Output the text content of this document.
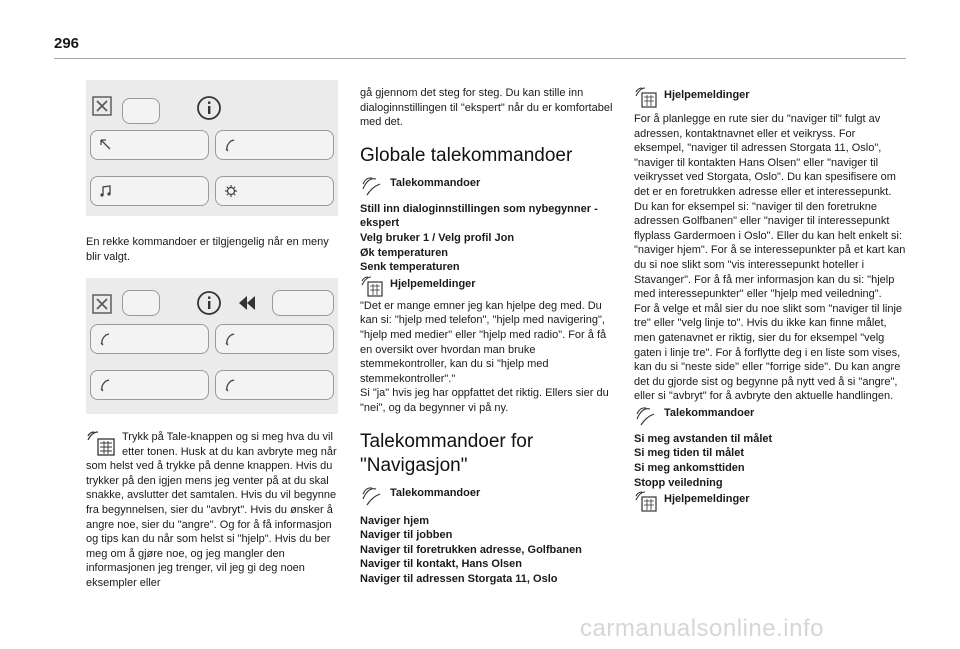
296
En rekke kommandoer er tilgjengelig når en meny blir valgt.
Trykk på Tale-knappen og si meg hva du vil etter tonen. Husk at du kan avbryte meg når som helst ved å trykke på denne knappen. Hvis du trykker på den igjen mens jeg venter på at du skal snakke, avslutter det samtalen. Hvis du vil begynne fra begynnelsen, sier du "avbryt". Hvis du ønsker å angre noe, sier du "angre". Og for å få informasjon og tips kan du når som helst si "hjelp". Hvis du ber meg om å gjøre noe, og jeg mangler den informasjonen jeg trenger, vil jeg gi deg noen eksempler eller

gå gjennom det steg for steg. Du kan stille inn dialoginnstillingen til "ekspert" når du er komfortabel med det.

Globale talekommandoer
Talekommandoer

Still inn dialoginnstillingen som nybegynner - ekspert

Velg bruker 1 / Velg profil Jon

Øk temperaturen

Senk temperaturen

Hjelpemeldinger

"Det er mange emner jeg kan hjelpe deg med. Du kan si: "hjelp med telefon", "hjelp med navigering", "hjelp med medier" eller "hjelp med radio". For å få en oversikt over hvordan man bruke stemmekontroller, kan du si "hjelp med stemmekontroller"."

Si "ja" hvis jeg har oppfattet det riktig. Ellers sier du "nei", og da begynner vi på ny.

Talekommandoer for "Navigasjon"
Talekommandoer

Naviger hjem

Naviger til jobben

Naviger til foretrukken adresse, Golfbanen

Naviger til kontakt, Hans Olsen

Naviger til adressen Storgata 11, Oslo

Hjelpemeldinger

For å planlegge en rute sier du "naviger til" fulgt av adressen, kontaktnavnet eller et veikryss. For eksempel, "naviger til adressen Storgata 11, Oslo", "naviger til kontakten Hans Olsen" eller "naviger til veikrysset ved Storgata, Oslo". Du kan spesifisere om det er en foretrukken adresse eller et interessepunkt. Du kan for eksempel si: "naviger til den foretrukne adressen Golfbanen" eller "naviger til interessepunkt flyplass Gardermoen i Oslo". Eller du kan helt enkelt si: "naviger hjem". For å se interessepunkter på et kart kan du si noe slikt som "vis interessepunkt hoteller i Stavanger". For å få mer informasjon kan du si: "hjelp med interessepunkter" eller "hjelp med veiledning".

For å velge et mål sier du noe slikt som "naviger til linje tre" eller "velg linje to". Hvis du ikke kan finne målet, men gatenavnet er riktig, sier du for eksempel "velg gaten i linje tre". For å forflytte deg i en liste som vises, kan du si "neste side" eller "forrige side". Du kan angre det du gjorde sist og begynne på nytt ved å si "angre", eller si "avbryt" for å avbryte den aktuelle handlingen.

Talekommandoer

Si meg avstanden til målet

Si meg tiden til målet

Si meg ankomsttiden

Stopp veiledning

Hjelpemeldinger
carmanualsonline.info
